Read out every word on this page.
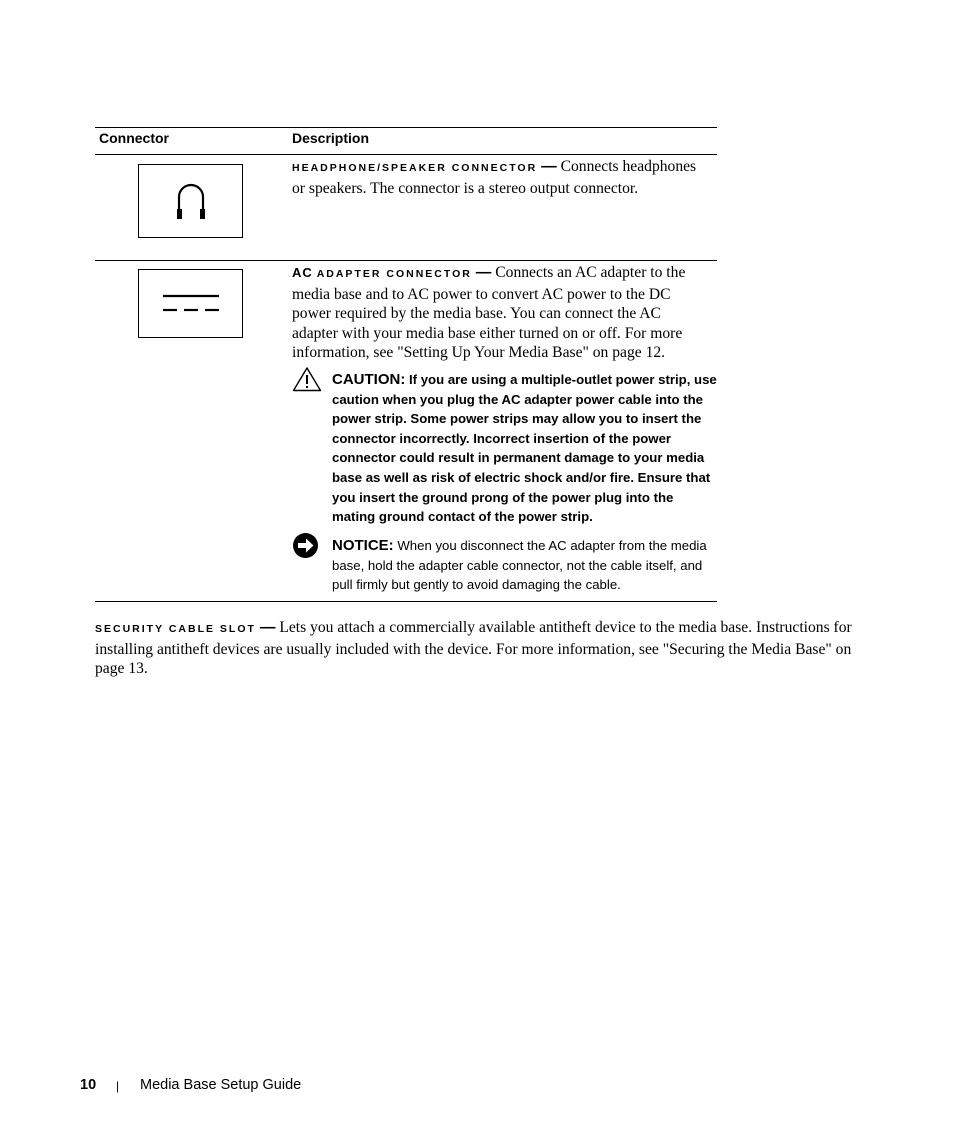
Connector	Description
HEADPHONE/SPEAKER CONNECTOR — Connects headphones or speakers. The connector is a stereo output connector.
AC ADAPTER CONNECTOR — Connects an AC adapter to the media base and to AC power to convert AC power to the DC power required by the media base. You can connect the AC adapter with your media base either turned on or off. For more information, see "Setting Up Your Media Base" on page 12.
CAUTION: If you are using a multiple-outlet power strip, use caution when you plug the AC adapter power cable into the power strip. Some power strips may allow you to insert the connector incorrectly. Incorrect insertion of the power connector could result in permanent damage to your media base as well as risk of electric shock and/or fire. Ensure that you insert the ground prong of the power plug into the mating ground contact of the power strip.
NOTICE: When you disconnect the AC adapter from the media base, hold the adapter cable connector, not the cable itself, and pull firmly but gently to avoid damaging the cable.
SECURITY CABLE SLOT — Lets you attach a commercially available antitheft device to the media base. Instructions for installing antitheft devices are usually included with the device. For more information, see "Securing the Media Base" on page 13.
10 | Media Base Setup Guide
